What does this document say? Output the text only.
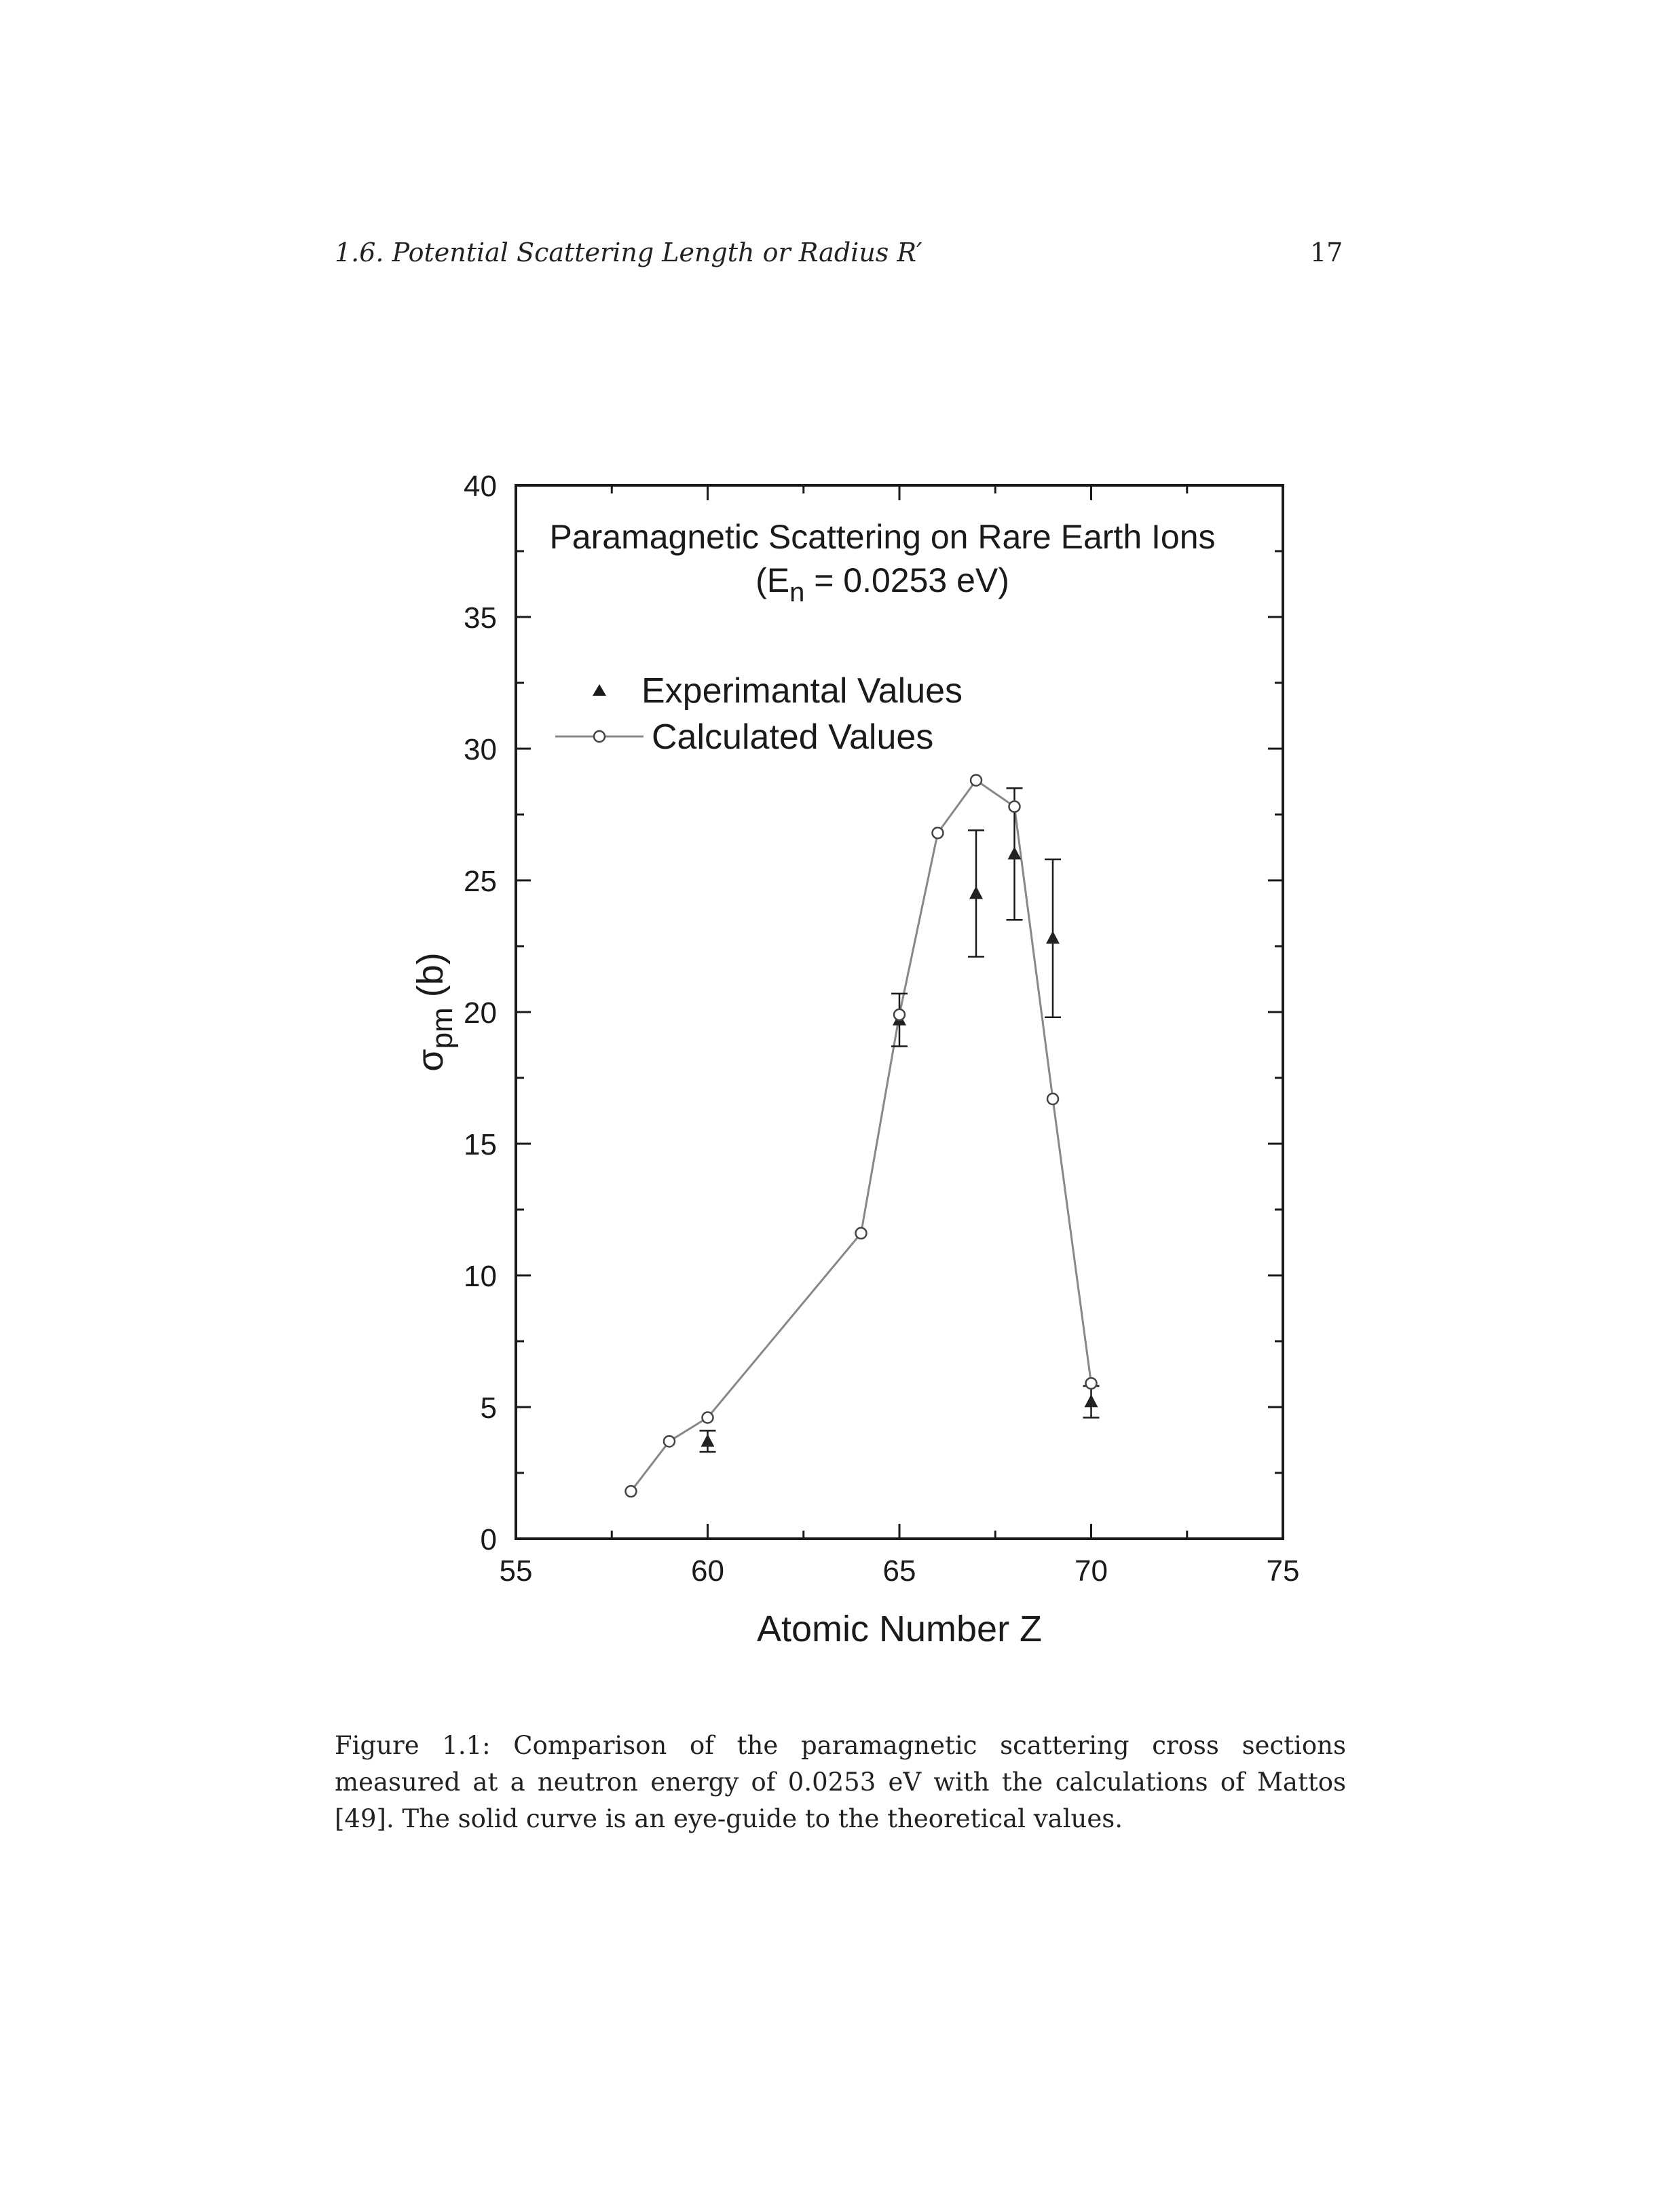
1.6. Potential Scattering Length or Radius R′	17
55	60	65	70	75
0
5
10
15
20
25
30
35
40
Paramagnetic Scattering on Rare Earth Ions
($E_n = 0.0253$ eV)
Experimantal Values
Calculated Values
Atomic Number Z
$\sigma_{pm}$ (b)
Figure 1.1: Comparison of the paramagnetic scattering cross sections measured at a neutron energy of 0.0253 eV with the calculations of Mattos [49]. The solid curve is an eye-guide to the theoretical values.
